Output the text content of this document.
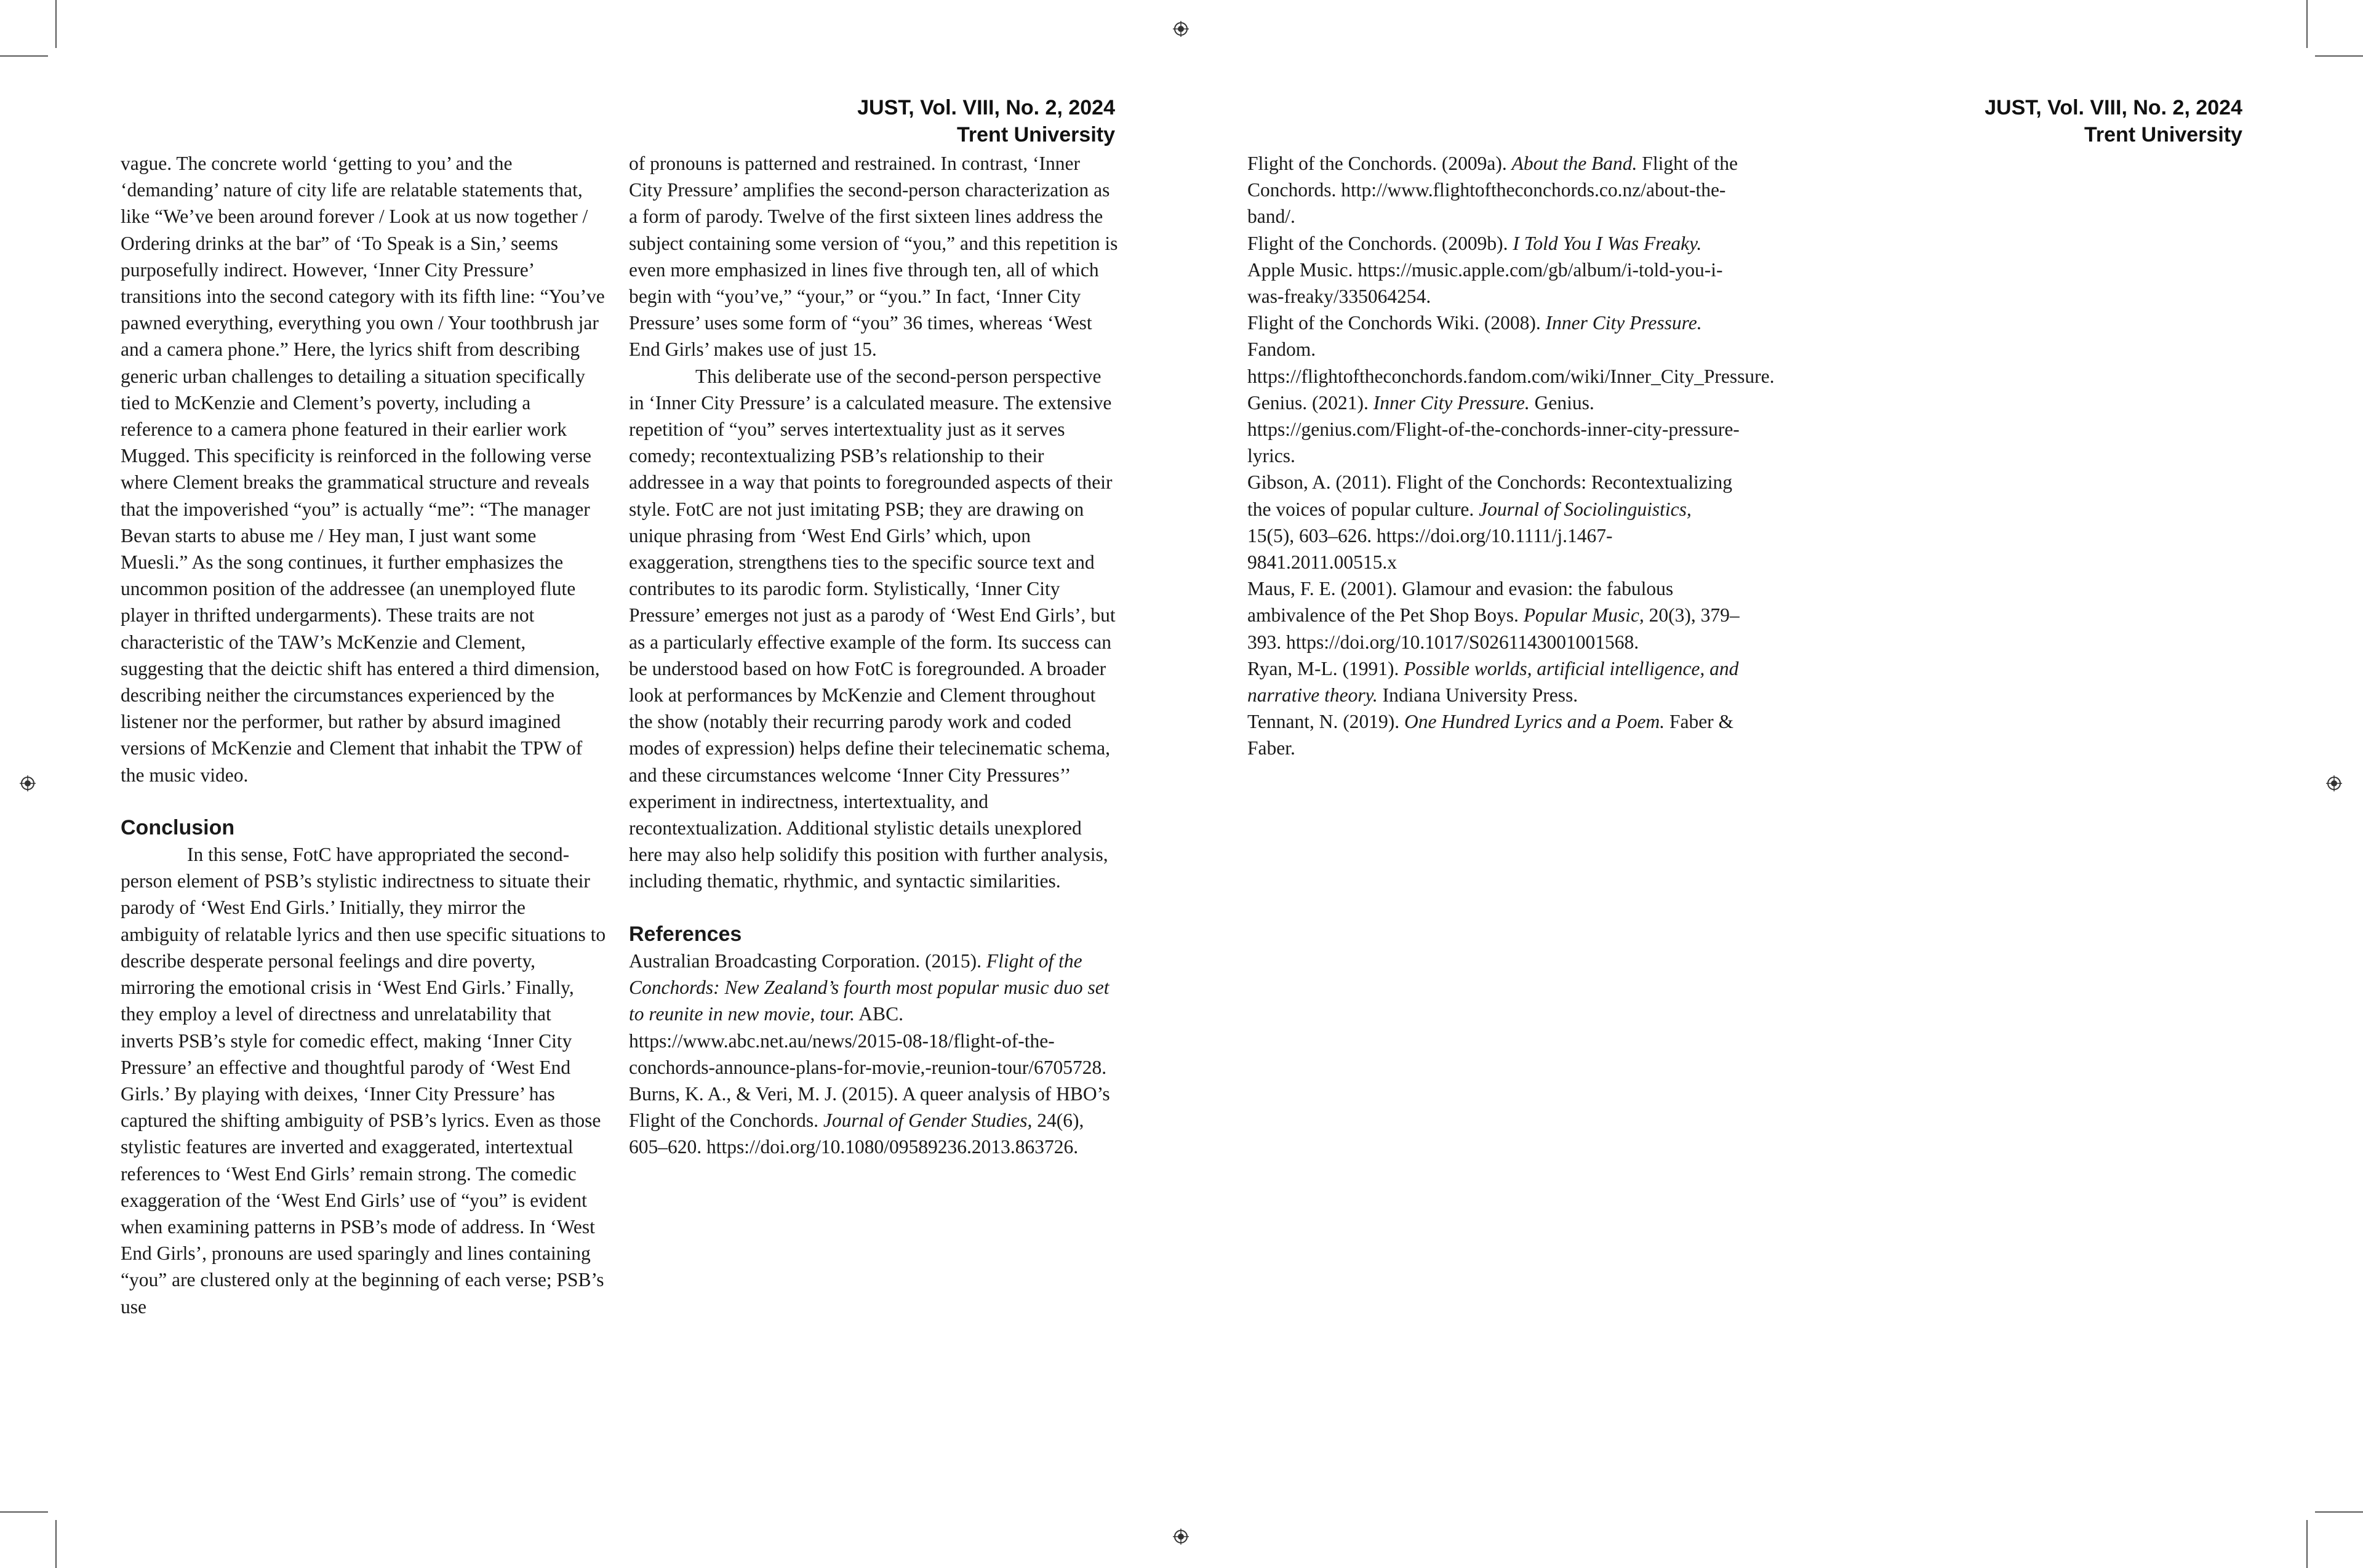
JUST, Vol. VIII, No. 2, 2024
Trent University
JUST, Vol. VIII, No. 2, 2024
Trent University

vague. The concrete world ‘getting to you’ and the ‘demanding’ nature of city life are relatable statements that, like “We’ve been around forever / Look at us now together / Ordering drinks at the bar” of ‘To Speak is a Sin,’ seems purposefully indirect. However, ‘Inner City Pressure’ transitions into the second category with its fifth line: “You’ve pawned everything, everything you own / Your toothbrush jar and a camera phone.” Here, the lyrics shift from describing generic urban challenges to detailing a situation specifically tied to McKenzie and Clement’s poverty, including a reference to a camera phone featured in their earlier work Mugged. This specificity is reinforced in the following verse where Clement breaks the grammatical structure and reveals that the impoverished “you” is actually “me”: “The manager Bevan starts to abuse me / Hey man, I just want some Muesli.” As the song continues, it further emphasizes the uncommon position of the addressee (an unemployed flute player in thrifted undergarments). These traits are not characteristic of the TAW’s McKenzie and Clement, suggesting that the deictic shift has entered a third dimension, describing neither the circumstances experienced by the listener nor the performer, but rather by absurd imagined versions of McKenzie and Clement that inhabit the TPW of the music video.

Conclusion

In this sense, FotC have appropriated the second-person element of PSB’s stylistic indirectness to situate their parody of ‘West End Girls.’ Initially, they mirror the ambiguity of relatable lyrics and then use specific situations to describe desperate personal feelings and dire poverty, mirroring the emotional crisis in ‘West End Girls.’ Finally, they employ a level of directness and unrelatability that inverts PSB’s style for comedic effect, making ‘Inner City Pressure’ an effective and thoughtful parody of ‘West End Girls.’ By playing with deixes, ‘Inner City Pressure’ has captured the shifting ambiguity of PSB’s lyrics. Even as those stylistic features are inverted and exaggerated, intertextual references to ‘West End Girls’ remain strong. The comedic exaggeration of the ‘West End Girls’ use of “you” is evident when examining patterns in PSB’s mode of address. In ‘West End Girls’, pronouns are used sparingly and lines containing “you” are clustered only at the beginning of each verse; PSB’s use

of pronouns is patterned and restrained. In contrast, ‘Inner City Pressure’ amplifies the second-person characterization as a form of parody. Twelve of the first sixteen lines address the subject containing some version of “you,” and this repetition is even more emphasized in lines five through ten, all of which begin with “you’ve,” “your,” or “you.” In fact, ‘Inner City Pressure’ uses some form of “you” 36 times, whereas ‘West End Girls’ makes use of just 15.

This deliberate use of the second-person perspective in ‘Inner City Pressure’ is a calculated measure. The extensive repetition of “you” serves intertextuality just as it serves comedy; recontextualizing PSB’s relationship to their addressee in a way that points to foregrounded aspects of their style. FotC are not just imitating PSB; they are drawing on unique phrasing from ‘West End Girls’ which, upon exaggeration, strengthens ties to the specific source text and contributes to its parodic form. Stylistically, ‘Inner City Pressure’ emerges not just as a parody of ‘West End Girls’, but as a particularly effective example of the form. Its success can be understood based on how FotC is foregrounded. A broader look at performances by McKenzie and Clement throughout the show (notably their recurring parody work and coded modes of expression) helps define their telecinematic schema, and these circumstances welcome ‘Inner City Pressures’’ experiment in indirectness, intertextuality, and recontextualization. Additional stylistic details unexplored here may also help solidify this position with further analysis, including thematic, rhythmic, and syntactic similarities.

References

Australian Broadcasting Corporation. (2015). Flight of the Conchords: New Zealand’s fourth most popular music duo set to reunite in new movie, tour. ABC. https://www.abc.net.au/news/2015-08-18/flight-of-the-conchords-announce-plans-for-movie,-reunion-tour/6705728.

Burns, K. A., & Veri, M. J. (2015). A queer analysis of HBO’s Flight of the Conchords. Journal of Gender Studies, 24(6), 605–620. https://doi.org/10.1080/09589236.2013.863726.

Flight of the Conchords. (2009a). About the Band. Flight of the Conchords. http://www.flightoftheconchords.co.nz/about-the-band/.

Flight of the Conchords. (2009b). I Told You I Was Freaky. Apple Music. https://music.apple.com/gb/album/i-told-you-i-was-freaky/335064254.

Flight of the Conchords Wiki. (2008). Inner City Pressure. Fandom. https://flightoftheconchords.fandom.com/wiki/Inner_City_Pressure.

Genius. (2021). Inner City Pressure. Genius. https://genius.com/Flight-of-the-conchords-inner-city-pressure-lyrics.

Gibson, A. (2011). Flight of the Conchords: Recontextualizing the voices of popular culture. Journal of Sociolinguistics, 15(5), 603–626. https://doi.org/10.1111/j.1467-9841.2011.00515.x

Maus, F. E. (2001). Glamour and evasion: the fabulous ambivalence of the Pet Shop Boys. Popular Music, 20(3), 379–393. https://doi.org/10.1017/S0261143001001568.

Ryan, M-L. (1991). Possible worlds, artificial intelligence, and narrative theory. Indiana University Press.

Tennant, N. (2019). One Hundred Lyrics and a Poem. Faber & Faber.
